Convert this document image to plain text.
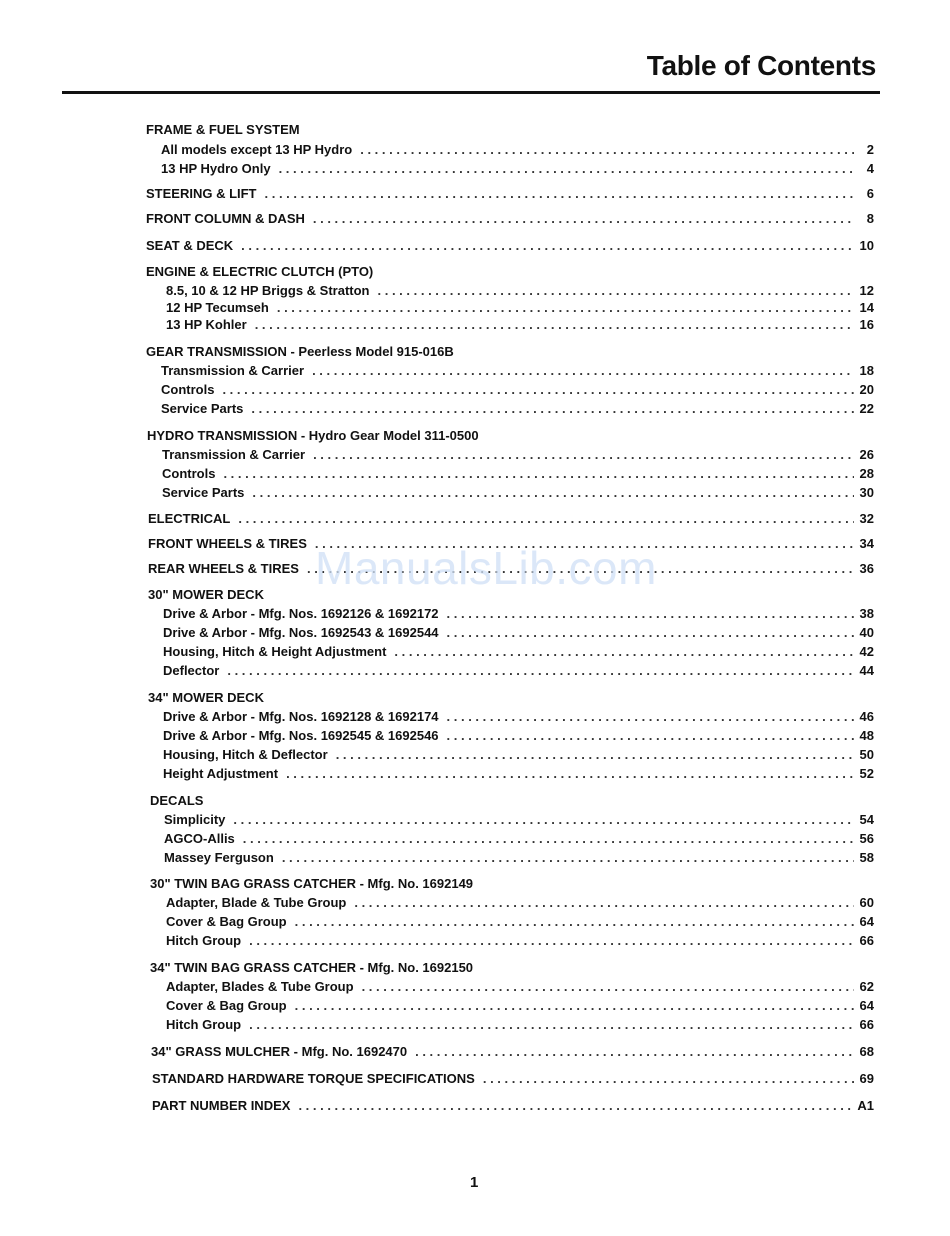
Table of Contents
FRAME & FUEL SYSTEM
All models except 13 HP Hydro . . .	2
13 HP Hydro Only . . .	4
STEERING & LIFT . . .	6
FRONT COLUMN & DASH . . .	8
SEAT & DECK . . .	10
ENGINE & ELECTRIC CLUTCH (PTO)
8.5, 10 & 12 HP Briggs & Stratton . . .	12
12 HP Tecumseh . . .	14
13 HP Kohler . . .	16
GEAR TRANSMISSION - Peerless Model 915-016B
Transmission & Carrier . . .	18
Controls . . .	20
Service Parts . . .	22
HYDRO TRANSMISSION - Hydro Gear Model 311-0500
Transmission & Carrier . . .	26
Controls . . .	28
Service Parts . . .	30
ELECTRICAL . . .	32
FRONT WHEELS & TIRES . . .	34
REAR WHEELS & TIRES . . .	36
30" MOWER DECK
Drive & Arbor - Mfg. Nos. 1692126 & 1692172 . . .	38
Drive & Arbor - Mfg. Nos. 1692543 & 1692544 . . .	40
Housing, Hitch & Height Adjustment . . .	42
Deflector . . .	44
34" MOWER DECK
Drive & Arbor - Mfg. Nos. 1692128 & 1692174 . . .	46
Drive & Arbor - Mfg. Nos. 1692545 & 1692546 . . .	48
Housing, Hitch & Deflector . . .	50
Height Adjustment . . .	52
DECALS
Simplicity . . .	54
AGCO-Allis . . .	56
Massey Ferguson . . .	58
30" TWIN BAG GRASS CATCHER - Mfg. No. 1692149
Adapter, Blade & Tube Group . . .	60
Cover & Bag Group . . .	64
Hitch Group . . .	66
34" TWIN BAG GRASS CATCHER - Mfg. No. 1692150
Adapter, Blades & Tube Group . . .	62
Cover & Bag Group . . .	64
Hitch Group . . .	66
34" GRASS MULCHER - Mfg. No. 1692470 . . .	68
STANDARD HARDWARE TORQUE SPECIFICATIONS . . .	69
PART NUMBER INDEX . . .	A1
ManualsLib.com
1
